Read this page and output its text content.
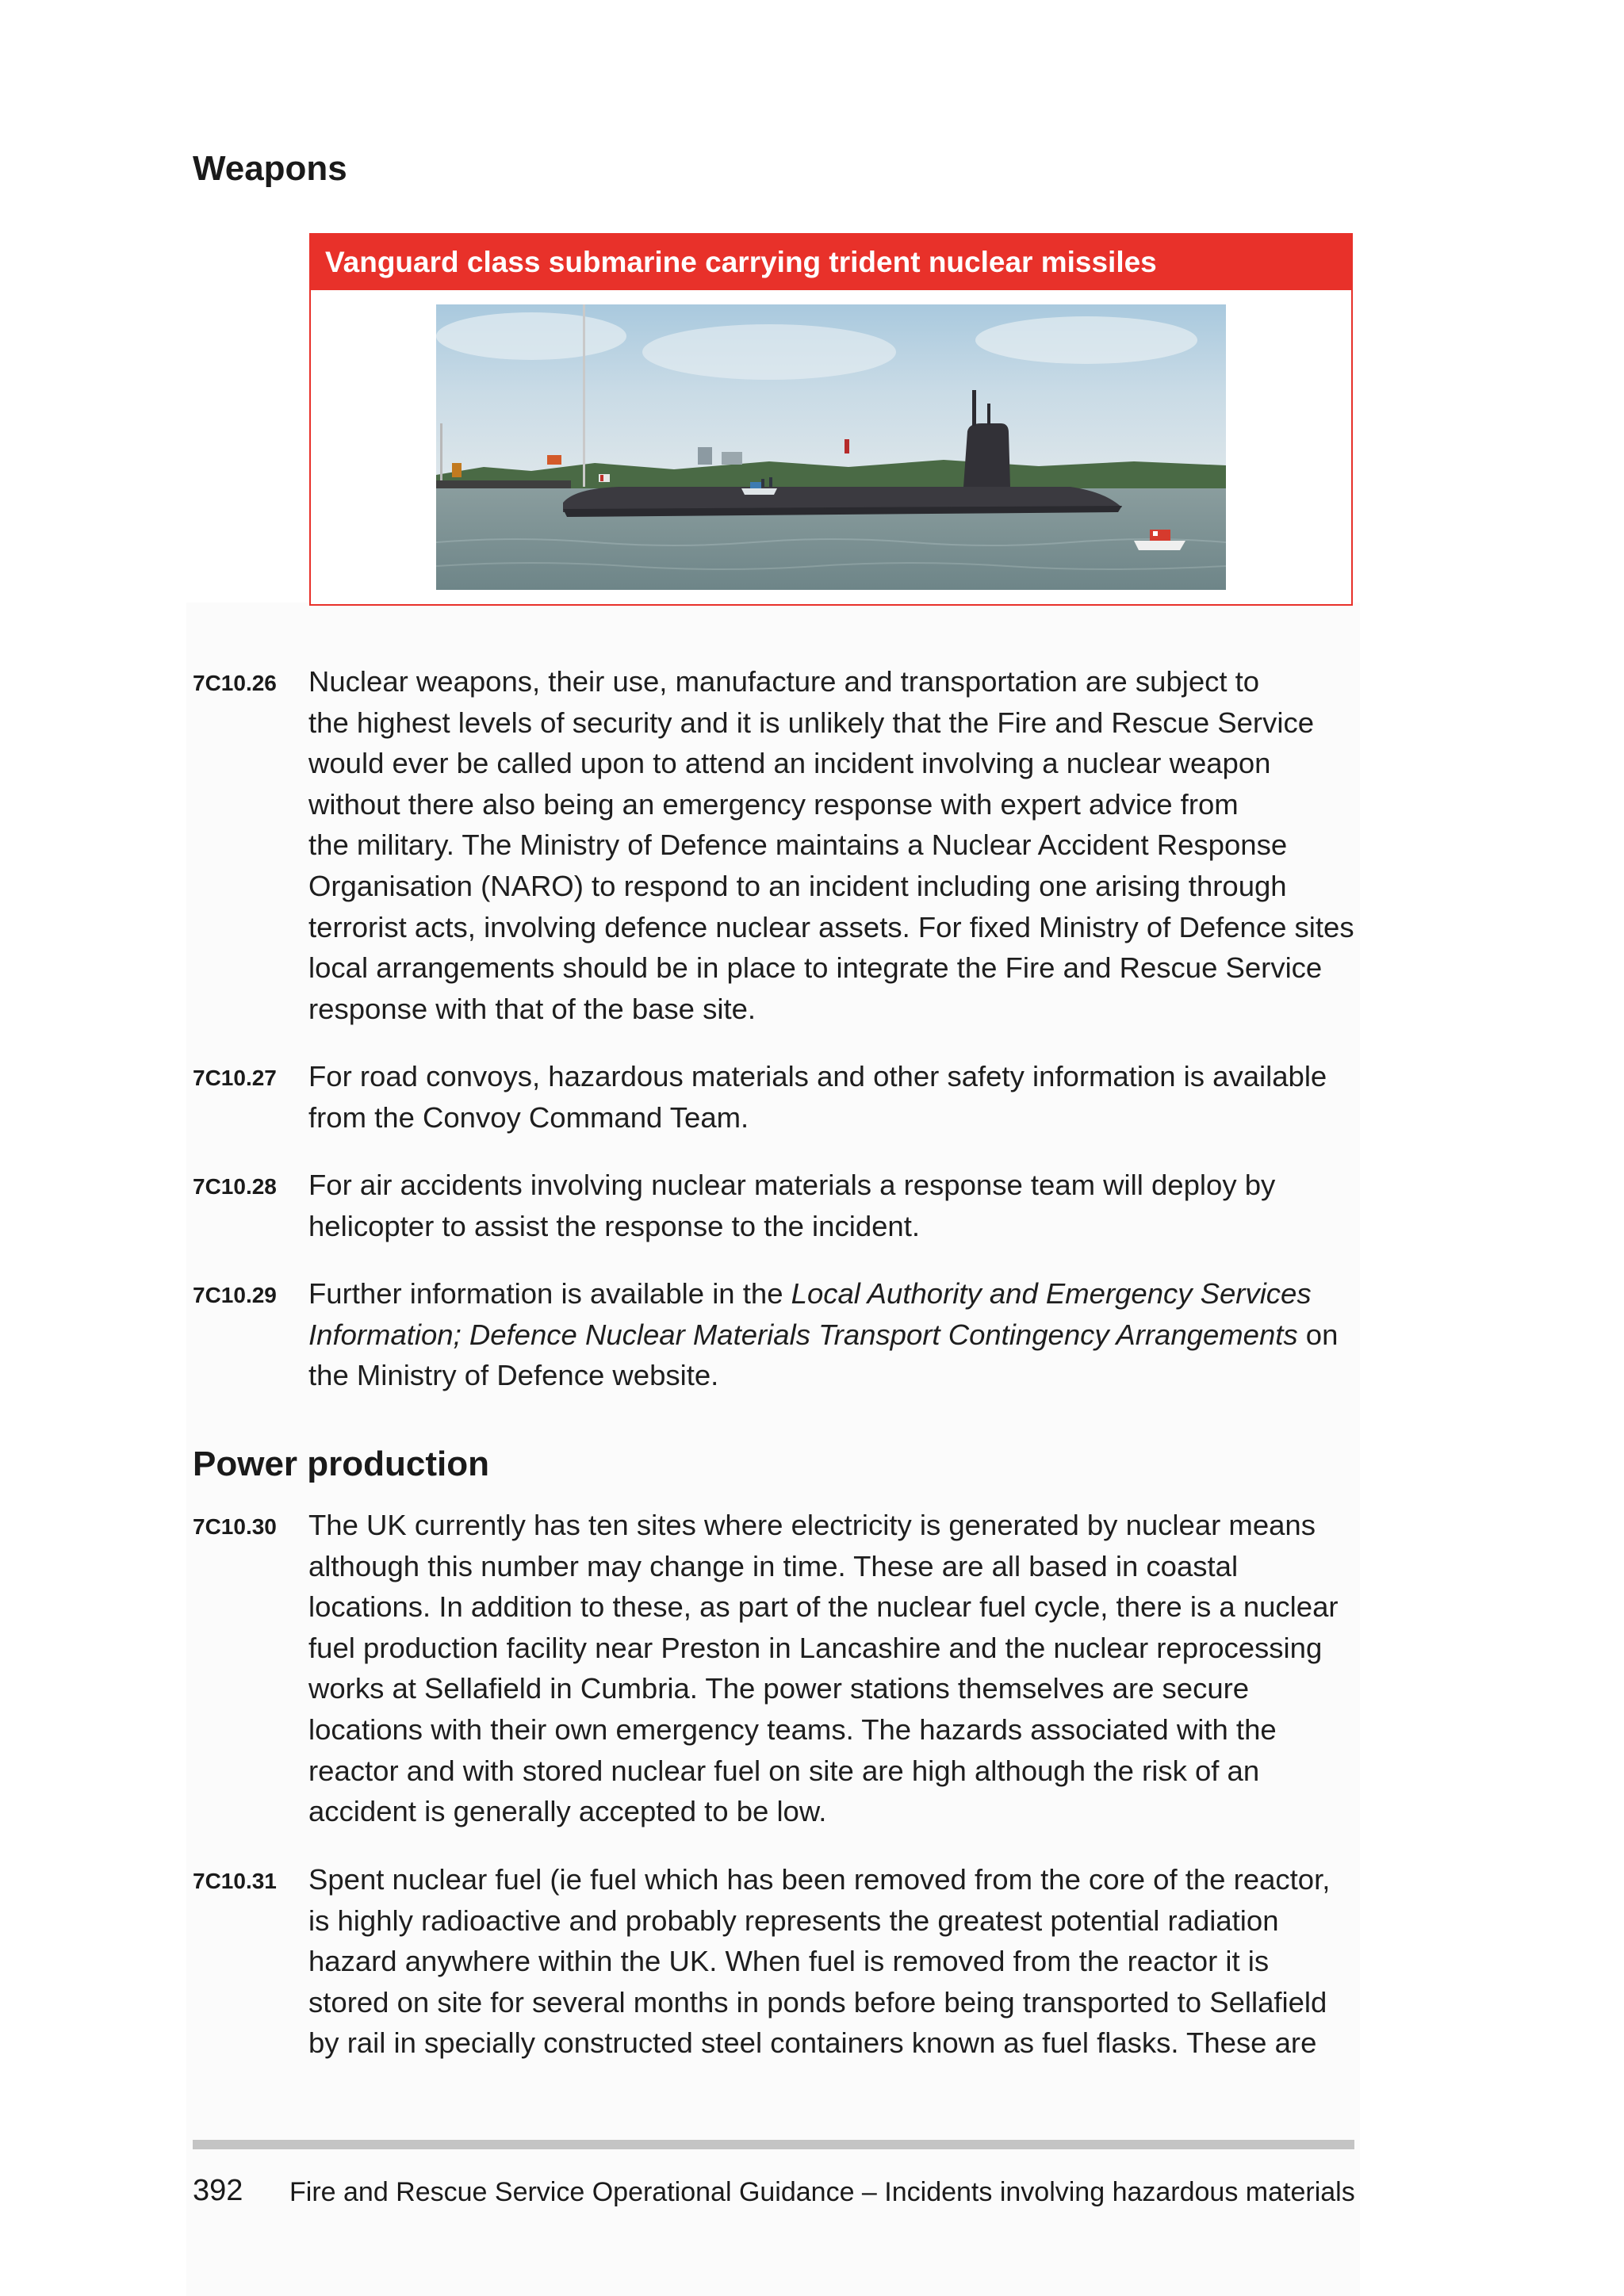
Weapons
Vanguard class submarine carrying trident nuclear missiles
7C10.26 Nuclear weapons, their use, manufacture and transportation are subject to

the highest levels of security and it is unlikely that the Fire and Rescue Service

would ever be called upon to attend an incident involving a nuclear weapon

without there also being an emergency response with expert advice from

the military. The Ministry of Defence maintains a Nuclear Accident Response

Organisation (NARO) to respond to an incident including one arising through

terrorist acts, involving defence nuclear assets. For fixed Ministry of Defence sites

local arrangements should be in place to integrate the Fire and Rescue Service

response with that of the base site.

7C10.27 For road convoys, hazardous materials and other safety information is available

from the Convoy Command Team.

7C10.28 For air accidents involving nuclear materials a response team will deploy by

helicopter to assist the response to the incident.

7C10.29 Further information is available in the Local Authority and Emergency Services

Information; Defence Nuclear Materials Transport Contingency Arrangements on

the Ministry of Defence website.

Power production
7C10.30 The UK currently has ten sites where electricity is generated by nuclear means

although this number may change in time. These are all based in coastal

locations. In addition to these, as part of the nuclear fuel cycle, there is a nuclear

fuel production facility near Preston in Lancashire and the nuclear reprocessing

works at Sellafield in Cumbria. The power stations themselves are secure

locations with their own emergency teams. The hazards associated with the

reactor and with stored nuclear fuel on site are high although the risk of an

accident is generally accepted to be low.

7C10.31 Spent nuclear fuel (ie fuel which has been removed from the core of the reactor,

is highly radioactive and probably represents the greatest potential radiation

hazard anywhere within the UK. When fuel is removed from the reactor it is

stored on site for several months in ponds before being transported to Sellafield

by rail in specially constructed steel containers known as fuel flasks. These are

392 Fire and Rescue Service Operational Guidance – Incidents involving hazardous materials
